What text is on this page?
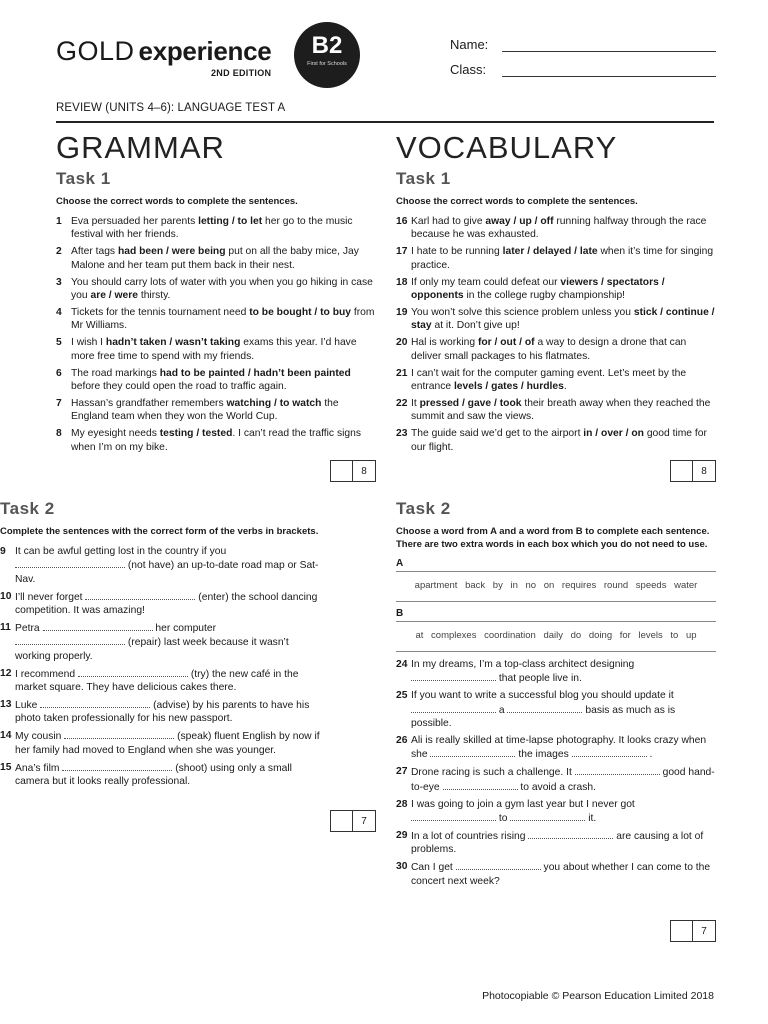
GOLD experience
2ND EDITION
B2
First for Schools
Name:
Class:
REVIEW (UNITS 4–6): LANGUAGE TEST A
GRAMMAR
Task 1
Choose the correct words to complete the sentences.
1 Eva persuaded her parents letting / to let her go to the music festival with her friends.
2 After tags had been / were being put on all the baby mice, Jay Malone and her team put them back in their nest.
3 You should carry lots of water with you when you go hiking in case you are / were thirsty.
4 Tickets for the tennis tournament need to be bought / to buy from Mr Williams.
5 I wish I hadn’t taken / wasn’t taking exams this year. I’d have more free time to spend with my friends.
6 The road markings had to be painted / hadn’t been painted before they could open the road to traffic again.
7 Hassan’s grandfather remembers watching / to watch the England team when they won the World Cup.
8 My eyesight needs testing / tested. I can’t read the traffic signs when I’m on my bike.
8
Task 2
Complete the sentences with the correct form of the verbs in brackets.
9 It can be awful getting lost in the country if you  (not have) an up-to-date road map or Sat-Nav.
10 I’ll never forget	(enter) the school dancing competition. It was amazing!
11 Petra	her computer  (repair) last week because it wasn’t working properly.
12 I recommend	(try) the new café in the market square. They have delicious cakes there.
13 Luke	(advise) by his parents to have his photo taken professionally for his new passport.
14 My cousin	(speak) fluent English by now if her family had moved to England when she was younger.
15 Ana’s film	(shoot) using only a small camera but it looks really professional.
7
VOCABULARY
Task 1
Choose the correct words to complete the sentences.
16 Karl had to give away / up / off running halfway through the race because he was exhausted.
17 I hate to be running later / delayed / late when it’s time for singing practice.
18 If only my team could defeat our viewers / spectators / opponents in the college rugby championship!
19 You won’t solve this science problem unless you stick / continue / stay at it. Don’t give up!
20 Hal is working for / out / of a way to design a drone that can deliver small packages to his flatmates.
21 I can’t wait for the computer gaming event. Let’s meet by the entrance levels / gates / hurdles.
22 It pressed / gave / took their breath away when they reached the summit and saw the views.
23 The guide said we’d get to the airport in / over / on good time for our flight.
8
Task 2
Choose a word from A and a word from B to complete each sentence. There are two extra words in each box which you do not need to use.
A
apartment back by in no on requires round speeds water
B
at complexes coordination daily do doing for levels to up
24 In my dreams, I’m a top-class architect designing  that people live in.
25 If you want to write a successful blog you should update it  a	basis as much as is possible.
26 Ali is really skilled at time-lapse photography. It looks crazy when she	the images	.
27 Drone racing is such a challenge. It	good hand-to-eye	to avoid a crash.
28 I was going to join a gym last year but I never got  to	it.
29 In a lot of countries rising	are causing a lot of problems.
30 Can I get	you about whether I can come to the concert next week?
7
Photocopiable © Pearson Education Limited 2018
